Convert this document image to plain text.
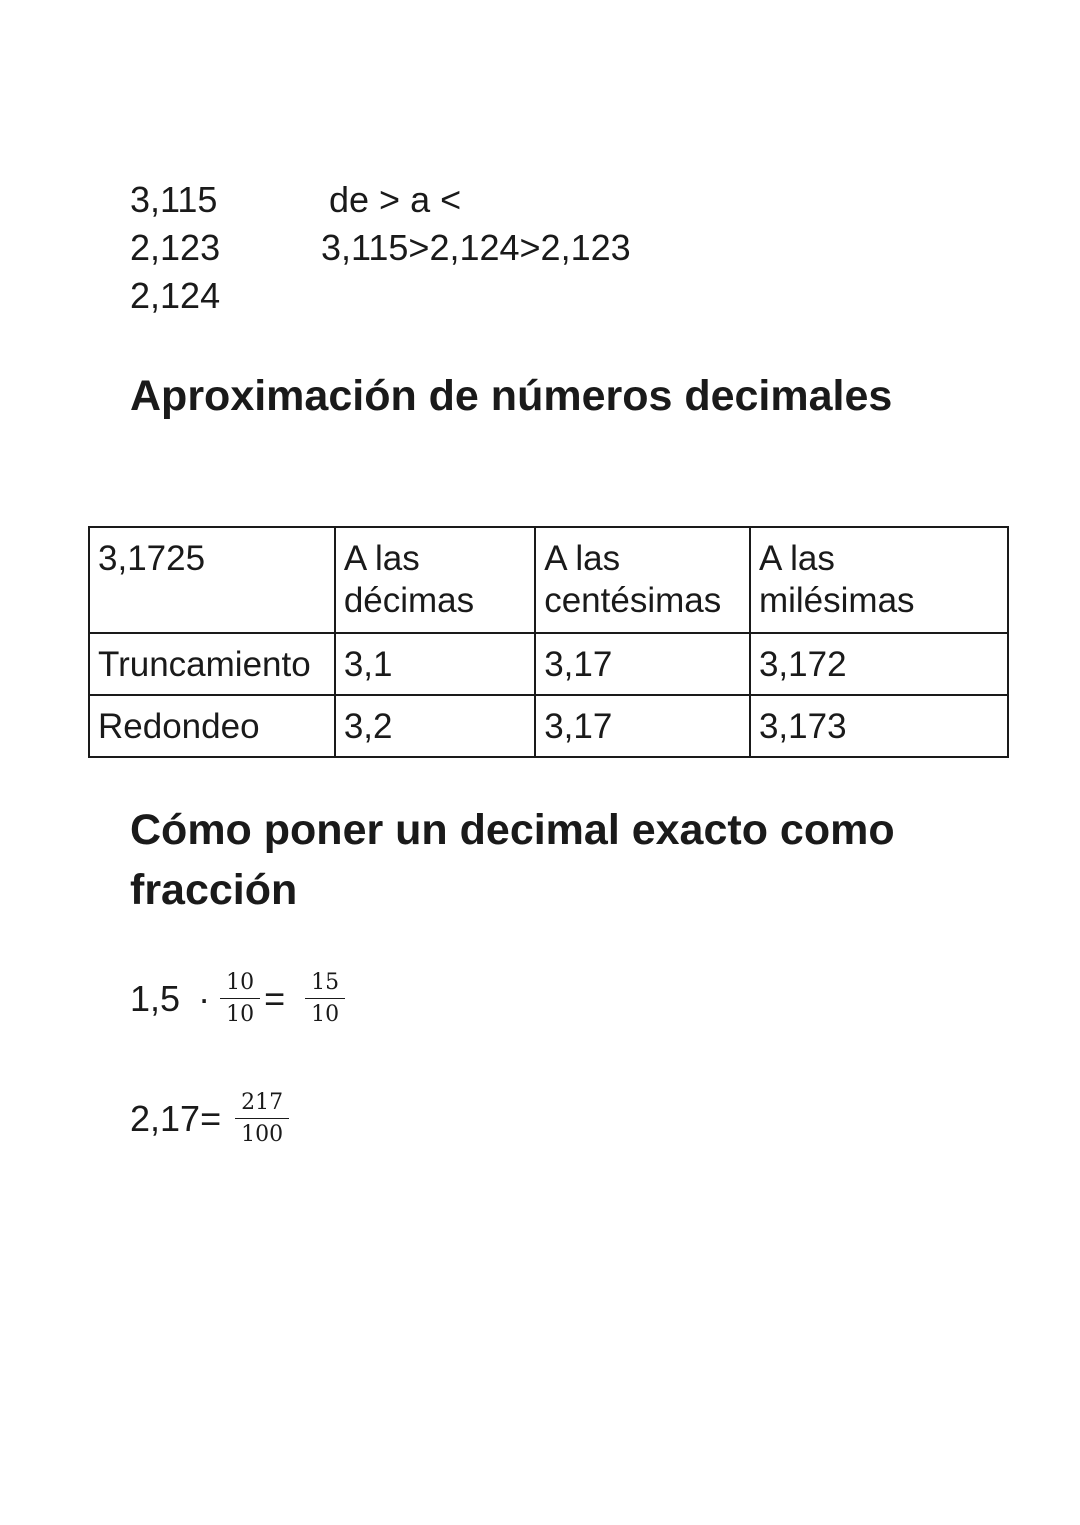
3,115
2,123
2,124
de > a <
3,115>2,124>2,123
Aproximación de números decimales
3,1725	A las décimas	A las centésimas	A las milésimas
Truncamiento	3,1	3,17	3,172
Redondeo	3,2	3,17	3,173
Cómo poner un decimal exacto como fracción
$1,5 \cdot \frac{10}{10} = \frac{15}{10}$
$2,17= \frac{217}{100}$
